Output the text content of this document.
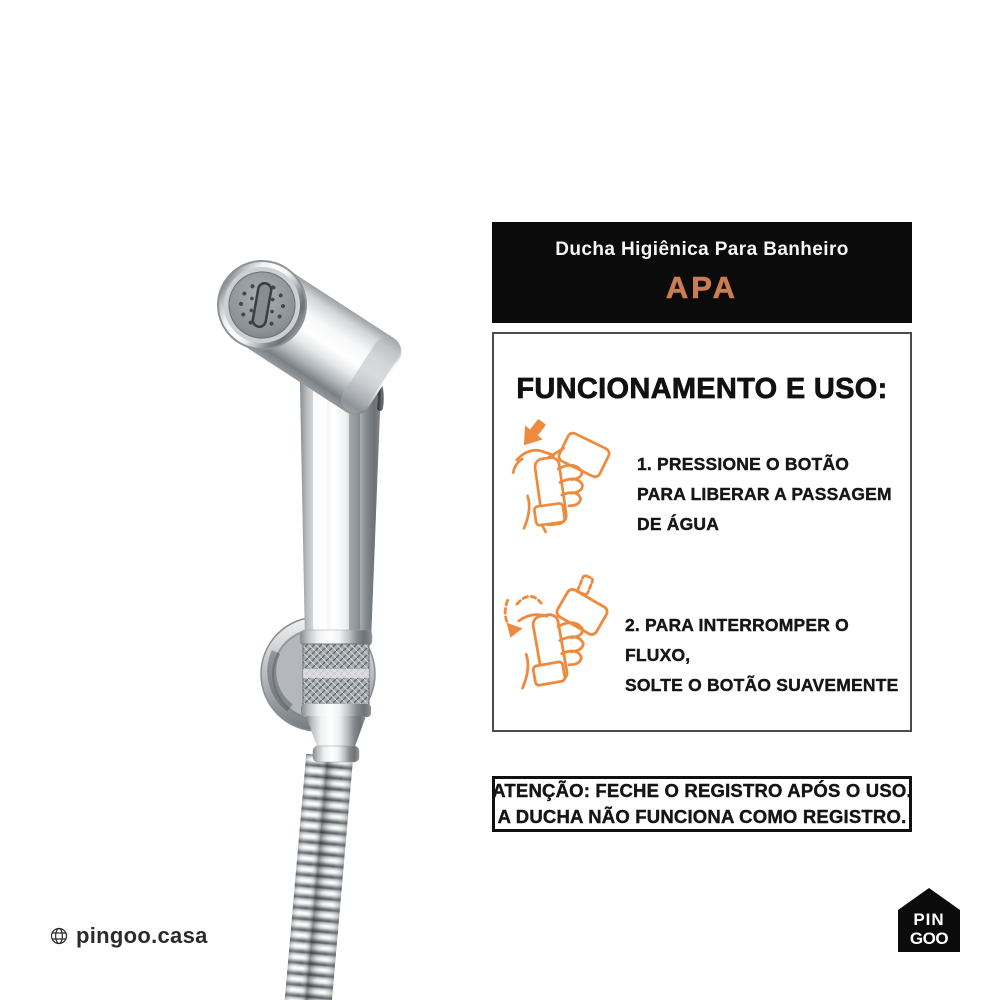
Ducha Higiênica Para Banheiro
APA
FUNCIONAMENTO E USO:

1. PRESSIONE O BOTÃO
PARA LIBERAR A PASSAGEM
DE ÁGUA

2. PARA INTERROMPER O FLUXO,
SOLTE O BOTÃO SUAVEMENTE

ATENÇÃO: FECHE O REGISTRO APÓS O USO.
A DUCHA NÃO FUNCIONA COMO REGISTRO.
pingoo.casa
PIN
GOO
